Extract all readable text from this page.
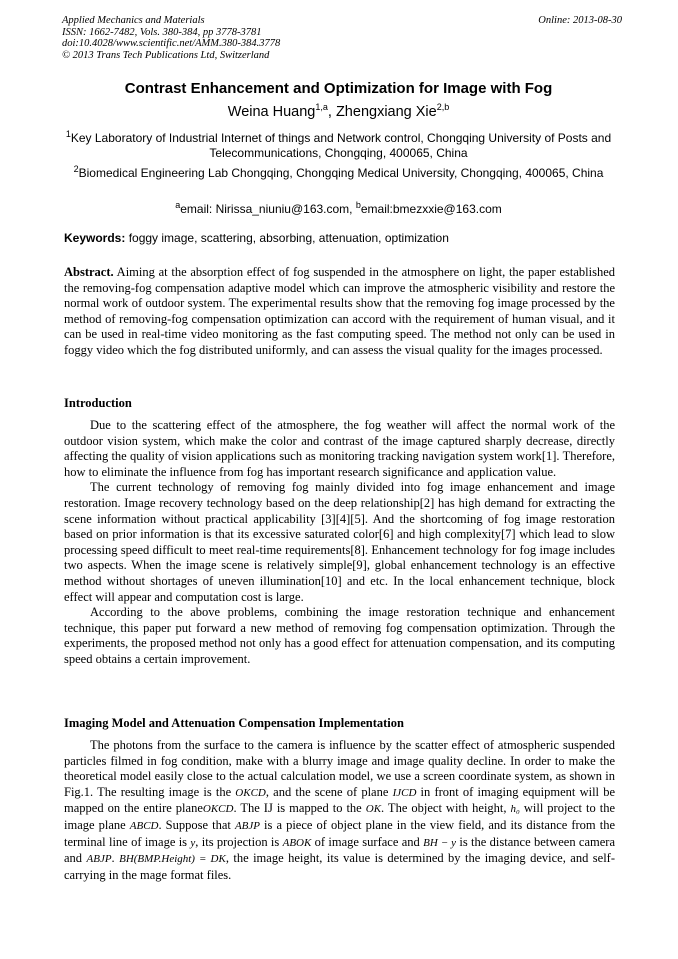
Applied Mechanics and Materials
ISSN: 1662-7482, Vols. 380-384, pp 3778-3781
doi:10.4028/www.scientific.net/AMM.380-384.3778
© 2013 Trans Tech Publications Ltd, Switzerland
Online: 2013-08-30
Contrast Enhancement and Optimization for Image with Fog
Weina Huang$^{1,a}$, Zhengxiang Xie$^{2,b}$
$^1$Key Laboratory of Industrial Internet of things and Network control, Chongqing University of Posts and Telecommunications, Chongqing, 400065, China
$^2$Biomedical Engineering Lab Chongqing, Chongqing Medical University, Chongqing, 400065, China
$^a$email: Nirissa_niuniu@163.com, $^b$email:bmezxxie@163.com
Keywords: foggy image, scattering, absorbing, attenuation, optimization
Abstract. Aiming at the absorption effect of fog suspended in the atmosphere on light, the paper established the removing-fog compensation adaptive model which can improve the atmospheric visibility and restore the normal work of outdoor system. The experimental results show that the removing fog image processed by the method of removing-fog compensation optimization can accord with the requirement of human visual, and it can be used in real-time video monitoring as the fast computing speed. The method not only can be used in foggy video which the fog distributed uniformly, and can assess the visual quality for the images processed.
Introduction

Due to the scattering effect of the atmosphere, the fog weather will affect the normal work of the outdoor vision system, which make the color and contrast of the image captured sharply decrease, directly affecting the quality of vision applications such as monitoring tracking navigation system work[1]. Therefore, how to eliminate the influence from fog has important research significance and application value.

The current technology of removing fog mainly divided into fog image enhancement and image restoration. Image recovery technology based on the deep relationship[2] has high demand for extracting the scene information without practical applicability [3][4][5]. And the shortcoming of fog image restoration based on prior information is that its excessive saturated color[6] and high complexity[7] which lead to slow processing speed difficult to meet real-time requirements[8]. Enhancement technology for fog image includes two aspects. When the image scene is relatively simple[9], global enhancement technology is an effective method without shortages of uneven illumination[10] and etc. In the local enhancement technique, block effect will appear and computation cost is large.

According to the above problems, combining the image restoration technique and enhancement technique, this paper put forward a new method of removing fog compensation optimization. Through the experiments, the proposed method not only has a good effect for attenuation compensation, and its computing speed obtains a certain improvement.

Imaging Model and Attenuation Compensation Implementation

The photons from the surface to the camera is influence by the scatter effect of atmospheric suspended particles filmed in fog condition, make with a blurry image and image quality decline. In order to make the theoretical model easily close to the actual calculation model, we use a screen coordinate system, as shown in Fig.1. The resulting image is the OKCD, and the scene of plane IJCD in front of imaging equipment will be mapped on the entire planeOKCD. The IJ is mapped to the OK. The object with height, h₀ will project to the image plane ABCD. Suppose that ABJP is a piece of object plane in the view field, and its distance from the terminal line of image is y, its projection is ABOK of image surface and BH − y is the distance between camera and ABJP. BH(BMP.Height) = DK, the image height, its value is determined by the imaging device, and self-carrying in the mage format files.
